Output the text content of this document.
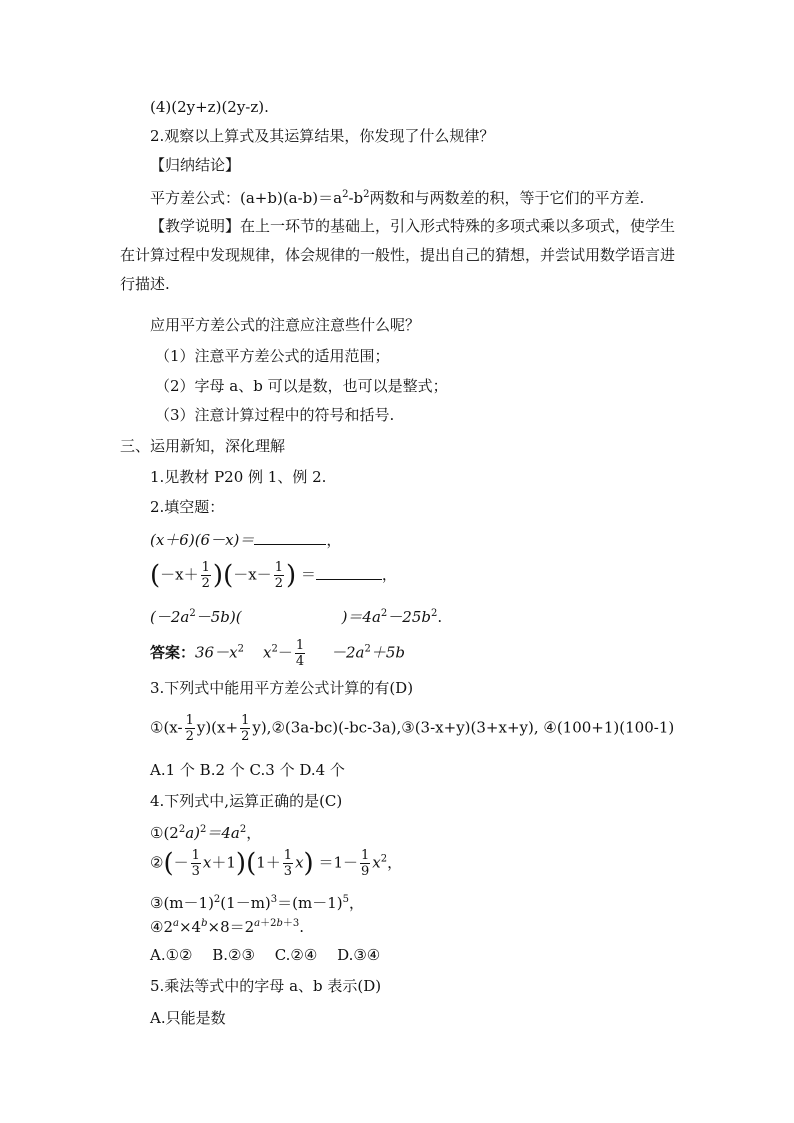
(4)(2y+z)(2y-z).
2.观察以上算式及其运算结果，你发现了什么规律？
【归纳结论】
平方差公式：$(a+b)(a-b)=a^2-b^2$两数和与两数差的积，等于它们的平方差.
【教学说明】在上一环节的基础上，引入形式特殊的多项式乘以多项式，使学生在计算过程中发现规律，体会规律的一般性，提出自己的猜想，并尝试用数学语言进行描述.
应用平方差公式的注意应注意些什么呢？
（1）注意平方差公式的适用范围；
（2）字母 a、b 可以是数，也可以是整式；
（3）注意计算过程中的符号和括号.
三、运用新知，深化理解
1.见教材 P20 例 1、例 2.
2.填空题：
(x＋6)(6－x)＝	，
$(-x+ \frac{1}{2} )(-x- \frac{1}{2}$ ) ＝	，
$(-2a^2-5b)$(	)$=4a^2-25b^2$.
答案：$36-x^2$ $x^2- \frac{1}{4} -2a^2+5b$
3.下列式中能用平方差公式计算的有(D)
①(x- $\frac{1}{2} y)(x+ \frac{1}{2}$ y),②(3a-bc)(-bc-3a),③(3-x+y)(3+x+y), ④(100+1)(100-1)
A.1 个 B.2 个 C.3 个 D.4 个
4.下列式中,运算正确的是(C)
$①(2^2a)^2=4a^2$，
②(－ $\frac{1}{3} x+1)(1+ \frac{1}{3} x) =1- \frac{1}{9} x^2$，
$③(m-1)^2(1-m)^3=(m-1)^5$，
$④2^a\times 4^b\times 8=2^{a+2b+3}$.
A.①②　 B.②③　 C.②④　 D.③④
5.乘法等式中的字母 a、b 表示(D)
A.只能是数
